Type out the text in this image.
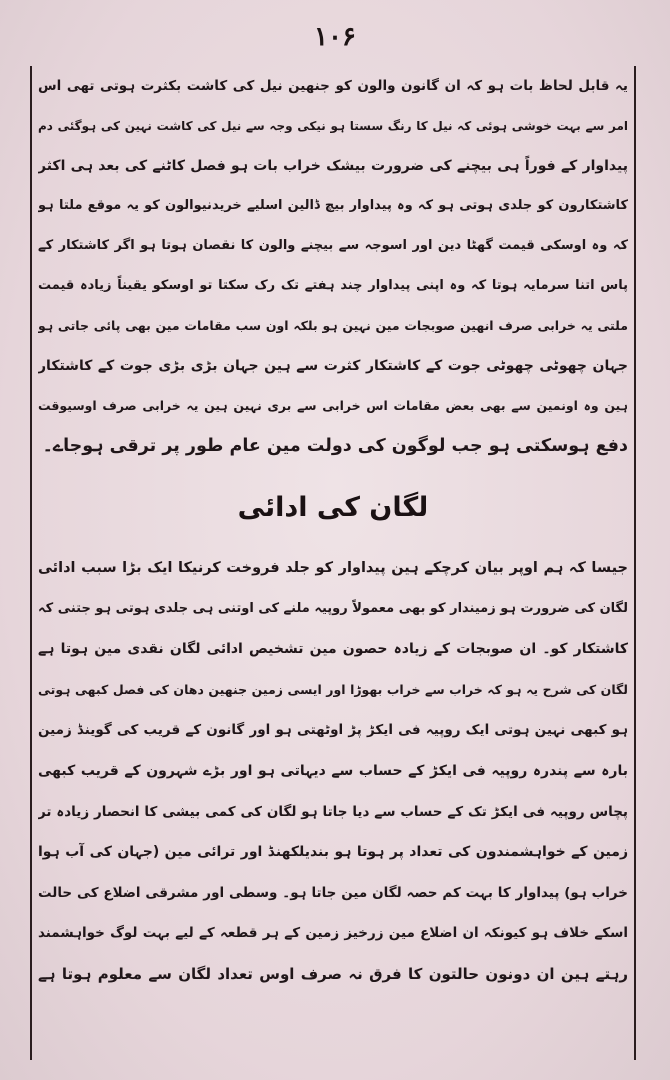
۱۰۶
یہ قابل لحاظ بات ہو کہ ان گانون والون کو جنھین نیل کی کاشت بکثرت ہوتی تھی اس
امر سے بہت خوشی ہوئی کہ نیل کا رنگ سستا ہو نیکی وجہ سے نیل کی کاشت نہین کی ہوگئی دم
پیداوار کے فوراً ہی بیچنے کی ضرورت بیشک خراب بات ہو فصل کاٹنے کی بعد ہی اکثر
کاشتکارون کو جلدی ہوتی ہو کہ وہ پیداوار بیچ ڈالین اسلیے خریدنیوالون کو یہ موقع ملتا ہو
کہ وہ اوسکی قیمت گھٹا دین اور اسوجہ سے بیچنے والون کا نقصان ہوتا ہو اگر کاشتکار کے
پاس اتنا سرمایہ ہوتا کہ وہ اپنی پیداوار چند ہفتے تک رک سکتا تو اوسکو یقیناً زیادہ قیمت
ملتی یہ خرابی صرف انھین صوبجات مین نہین ہو بلکہ اون سب مقامات مین بھی پائی جاتی ہو
جہان چھوٹی چھوٹی جوت کے کاشتکار کثرت سے ہین جہان بڑی بڑی جوت کے کاشتکار
ہین وہ اونمین سے بھی بعض مقامات اس خرابی سے بری نہین ہین یہ خرابی صرف اوسیوقت
دفع ہوسکتی ہو جب لوگون کی دولت مین عام طور پر ترقی ہوجاے۔
لگان کی ادائی
جیسا کہ ہم اوپر بیان کرچکے ہین پیداوار کو جلد فروخت کرنیکا ایک بڑا سبب ادائی
لگان کی ضرورت ہو زمیندار کو بھی معمولاً روپیہ ملنے کی اوتنی ہی جلدی ہوتی ہو جتنی کہ
کاشتکار کو۔ ان صوبجات کے زیادہ حصون مین تشخیص ادائی لگان نقدی مین ہوتا ہے
لگان کی شرح یہ ہو کہ خراب سے خراب بھوڑا اور ایسی زمین جنھین دھان کی فصل کبھی ہوتی
ہو کبھی نہین ہوتی ایک روپیہ فی ایکڑ پڑ اوٹھتی ہو اور گانون کے قریب کی گوینڈ زمین
بارہ سے پندرہ روپیہ فی ایکڑ کے حساب سے دیہاتی ہو اور بڑے شہرون کے قریب کبھی
پچاس روپیہ فی ایکڑ تک کے حساب سے دیا جاتا ہو لگان کی کمی بیشی کا انحصار زیادہ تر
زمین کے خواہشمندون کی تعداد پر ہوتا ہو بندیلکھنڈ اور ترائی مین (جہان کی آب ہوا
خراب ہو) پیداوار کا بہت کم حصہ لگان مین جاتا ہو۔ وسطی اور مشرقی اضلاع کی حالت
اسکے خلاف ہو کیونکہ ان اضلاع مین زرخیز زمین کے ہر قطعہ کے لیے بہت لوگ خواہشمند
رہتے ہین ان دونون حالتون کا فرق نہ صرف اوس تعداد لگان سے معلوم ہوتا ہے
